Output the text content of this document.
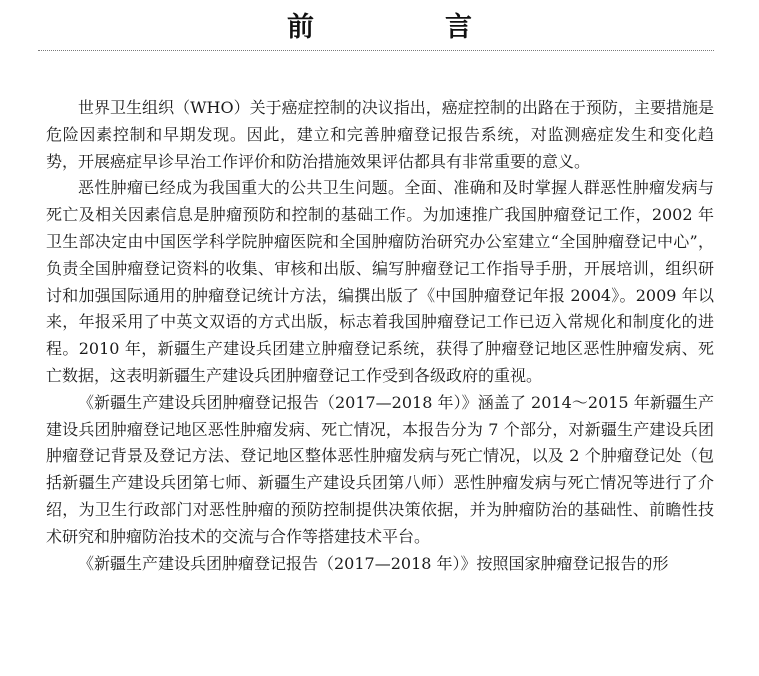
前　言

世界卫生组织（WHO）关于癌症控制的决议指出，癌症控制的出路在于预防，主要措施是危险因素控制和早期发现。因此，建立和完善肿瘤登记报告系统，对监测癌症发生和变化趋势，开展癌症早诊早治工作评价和防治措施效果评估都具有非常重要的意义。

恶性肿瘤已经成为我国重大的公共卫生问题。全面、准确和及时掌握人群恶性肿瘤发病与死亡及相关因素信息是肿瘤预防和控制的基础工作。为加速推广我国肿瘤登记工作，2002 年卫生部决定由中国医学科学院肿瘤医院和全国肿瘤防治研究办公室建立“全国肿瘤登记中心”，负责全国肿瘤登记资料的收集、审核和出版、编写肿瘤登记工作指导手册，开展培训，组织研讨和加强国际通用的肿瘤登记统计方法，编撰出版了《中国肿瘤登记年报 2004》。2009 年以来，年报采用了中英文双语的方式出版，标志着我国肿瘤登记工作已迈入常规化和制度化的进程。2010 年，新疆生产建设兵团建立肿瘤登记系统，获得了肿瘤登记地区恶性肿瘤发病、死亡数据，这表明新疆生产建设兵团肿瘤登记工作受到各级政府的重视。

《新疆生产建设兵团肿瘤登记报告（2017—2018 年）》涵盖了 2014～2015 年新疆生产建设兵团肿瘤登记地区恶性肿瘤发病、死亡情况，本报告分为 7 个部分，对新疆生产建设兵团肿瘤登记背景及登记方法、登记地区整体恶性肿瘤发病与死亡情况，以及 2 个肿瘤登记处（包括新疆生产建设兵团第七师、新疆生产建设兵团第八师）恶性肿瘤发病与死亡情况等进行了介绍，为卫生行政部门对恶性肿瘤的预防控制提供决策依据，并为肿瘤防治的基础性、前瞻性技术研究和肿瘤防治技术的交流与合作等搭建技术平台。

《新疆生产建设兵团肿瘤登记报告（2017—2018 年）》按照国家肿瘤登记报告的形
